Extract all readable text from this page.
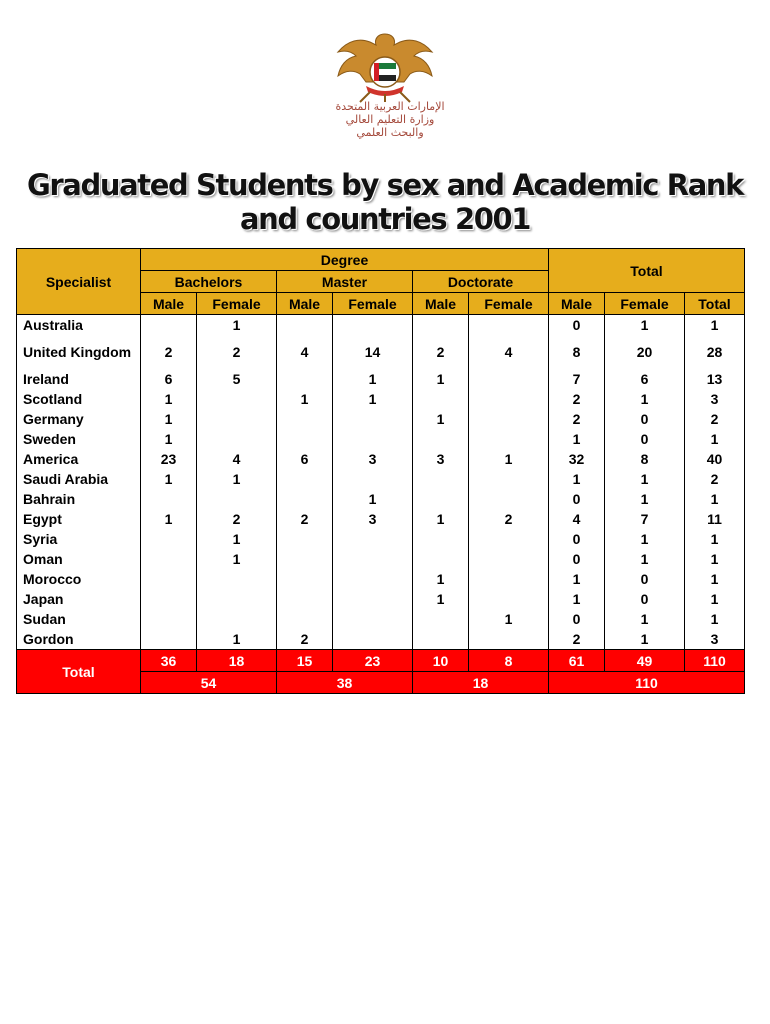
الإمارات العربية المتحدة
وزارة التعليم العالي
والبحث العلمي
Graduated Students by sex and Academic Rank and countries 2001
Specialist	Degree						Total		
	Bachelors		Master		Doctorate				
	Male	Female	Male	Female	Male	Female	Male	Female	Total
Australia		1					0	1	1
United Kingdom	2	2	4	14	2	4	8	20	28
Ireland	6	5		1	1		7	6	13
Scotland	1		1	1			2	1	3
Germany	1				1		2	0	2
Sweden	1						1	0	1
America	23	4	6	3	3	1	32	8	40
Saudi Arabia	1	1					1	1	2
Bahrain				1			0	1	1
Egypt	1	2	2	3	1	2	4	7	11
Syria		1					0	1	1
Oman		1					0	1	1
Morocco					1		1	0	1
Japan					1		1	0	1
Sudan						1	0	1	1
Gordon		1	2				2	1	3
Total	36	18	15	23	10	8	61	49	110
	54		38		18		110		
